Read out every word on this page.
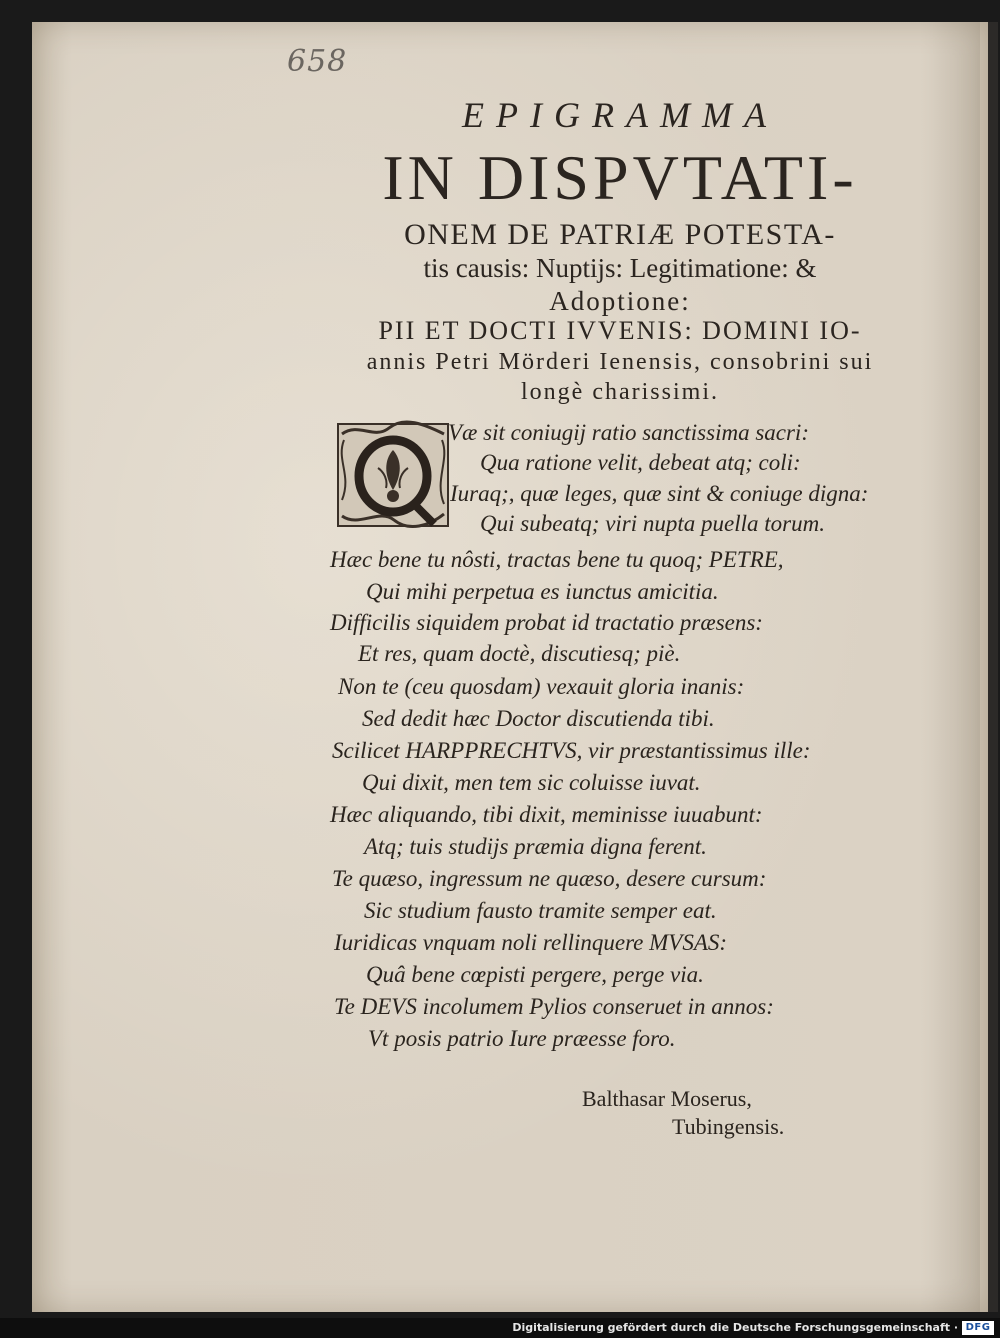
658
EPIGRAMMA
IN DISPVTATI-
ONEM DE PATRIÆ POTESTA-
tis causis: Nuptijs: Legitimatione: &
Adoptione:
PII ET DOCTI IVVENIS: DOMINI IO-
annis Petri Mörderi Ienensis, consobrini sui
longè charissimi.
Væ sit coniugij ratio sanctissima sacri:
Qua ratione velit, debeat atq; coli:
Iuraq;, quæ leges, quæ sint & coniuge digna:
Qui subeatq; viri nupta puella torum.
Hæc bene tu nôsti, tractas bene tu quoq; PETRE,
Qui mihi perpetua es iunctus amicitia.
Difficilis siquidem probat id tractatio præsens:
Et res, quam doctè, discutiesq; piè.
Non te (ceu quosdam) vexauit gloria inanis:
Sed dedit hæc Doctor discutienda tibi.
Scilicet HARPPRECHTVS, vir præstantissimus ille:
Qui dixit, men tem sic coluisse iuvat.
Hæc aliquando, tibi dixit, meminisse iuuabunt:
Atq; tuis studijs præmia digna ferent.
Te quæso, ingressum ne quæso, desere cursum:
Sic studium fausto tramite semper eat.
Iuridicas vnquam noli rellinquere MVSAS:
Quâ bene cœpisti pergere, perge via.
Te DEVS incolumem Pylios conseruet in annos:
Vt posis patrio Iure præesse foro.
Balthasar Moserus,
Tubingensis.
Digitalisierung gefördert durch die Deutsche Forschungsgemeinschaft · DFG
